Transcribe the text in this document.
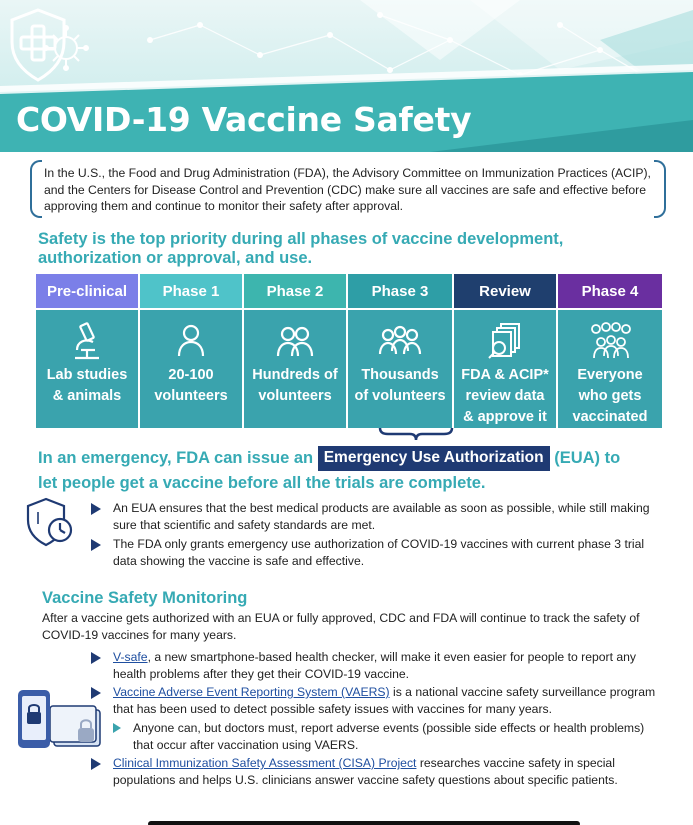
COVID-19 Vaccine Safety

In the U.S., the Food and Drug Administration (FDA), the Advisory Committee on Immunization Practices (ACIP), and the Centers for Disease Control and Prevention (CDC) make sure all vaccines are safe and effective before approving them and continue to monitor their safety after approval.

Safety is the top priority during all phases of vaccine development, authorization or approval, and use.
Pre-clinical
Lab studies
& animals
Phase 1
20-100
volunteers
Phase 2
Hundreds of
volunteers
Phase 3
Thousands
of volunteers
Review
FDA & ACIP*
review data
& approve it
Phase 4
Everyone
who gets
vaccinated
In an emergency, FDA can issue an Emergency Use Authorization (EUA) to
let people get a vaccine before all the trials are complete.
An EUA ensures that the best medical products are available as soon as possible, while still making sure that scientific and safety standards are met.
The FDA only grants emergency use authorization of COVID-19 vaccines with current phase 3 trial data showing the vaccine is safe and effective.
Vaccine Safety Monitoring
After a vaccine gets authorized with an EUA or fully approved, CDC and FDA will continue to track the safety of COVID-19 vaccines for many years.
V-safe, a new smartphone-based health checker, will make it even easier for people to report any health problems after they get their COVID-19 vaccine.
Vaccine Adverse Event Reporting System (VAERS) is a national vaccine safety surveillance program that has been used to detect possible safety issues with vaccines for many years.
Anyone can, but doctors must, report adverse events (possible side effects or health problems) that occur after vaccination using VAERS.
Clinical Immunization Safety Assessment (CISA) Project researches vaccine safety in special populations and helps U.S. clinicians answer vaccine safety questions about specific patients.
